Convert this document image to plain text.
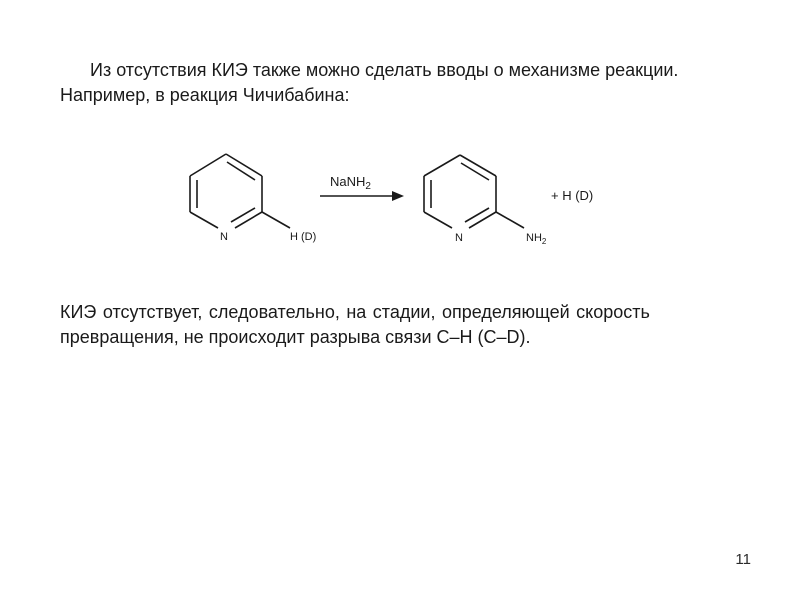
Из отсутствия КИЭ также можно сделать вводы о механизме реакции.
Например, в реакция Чичибабина:
N	H (D)
NaNH$_2$
N	$NH_2$
+ H (D)
КИЭ отсутствует, следовательно, на стадии, определяющей скорость
превращения, не происходит разрыва связи С–Н (С–D).
11
